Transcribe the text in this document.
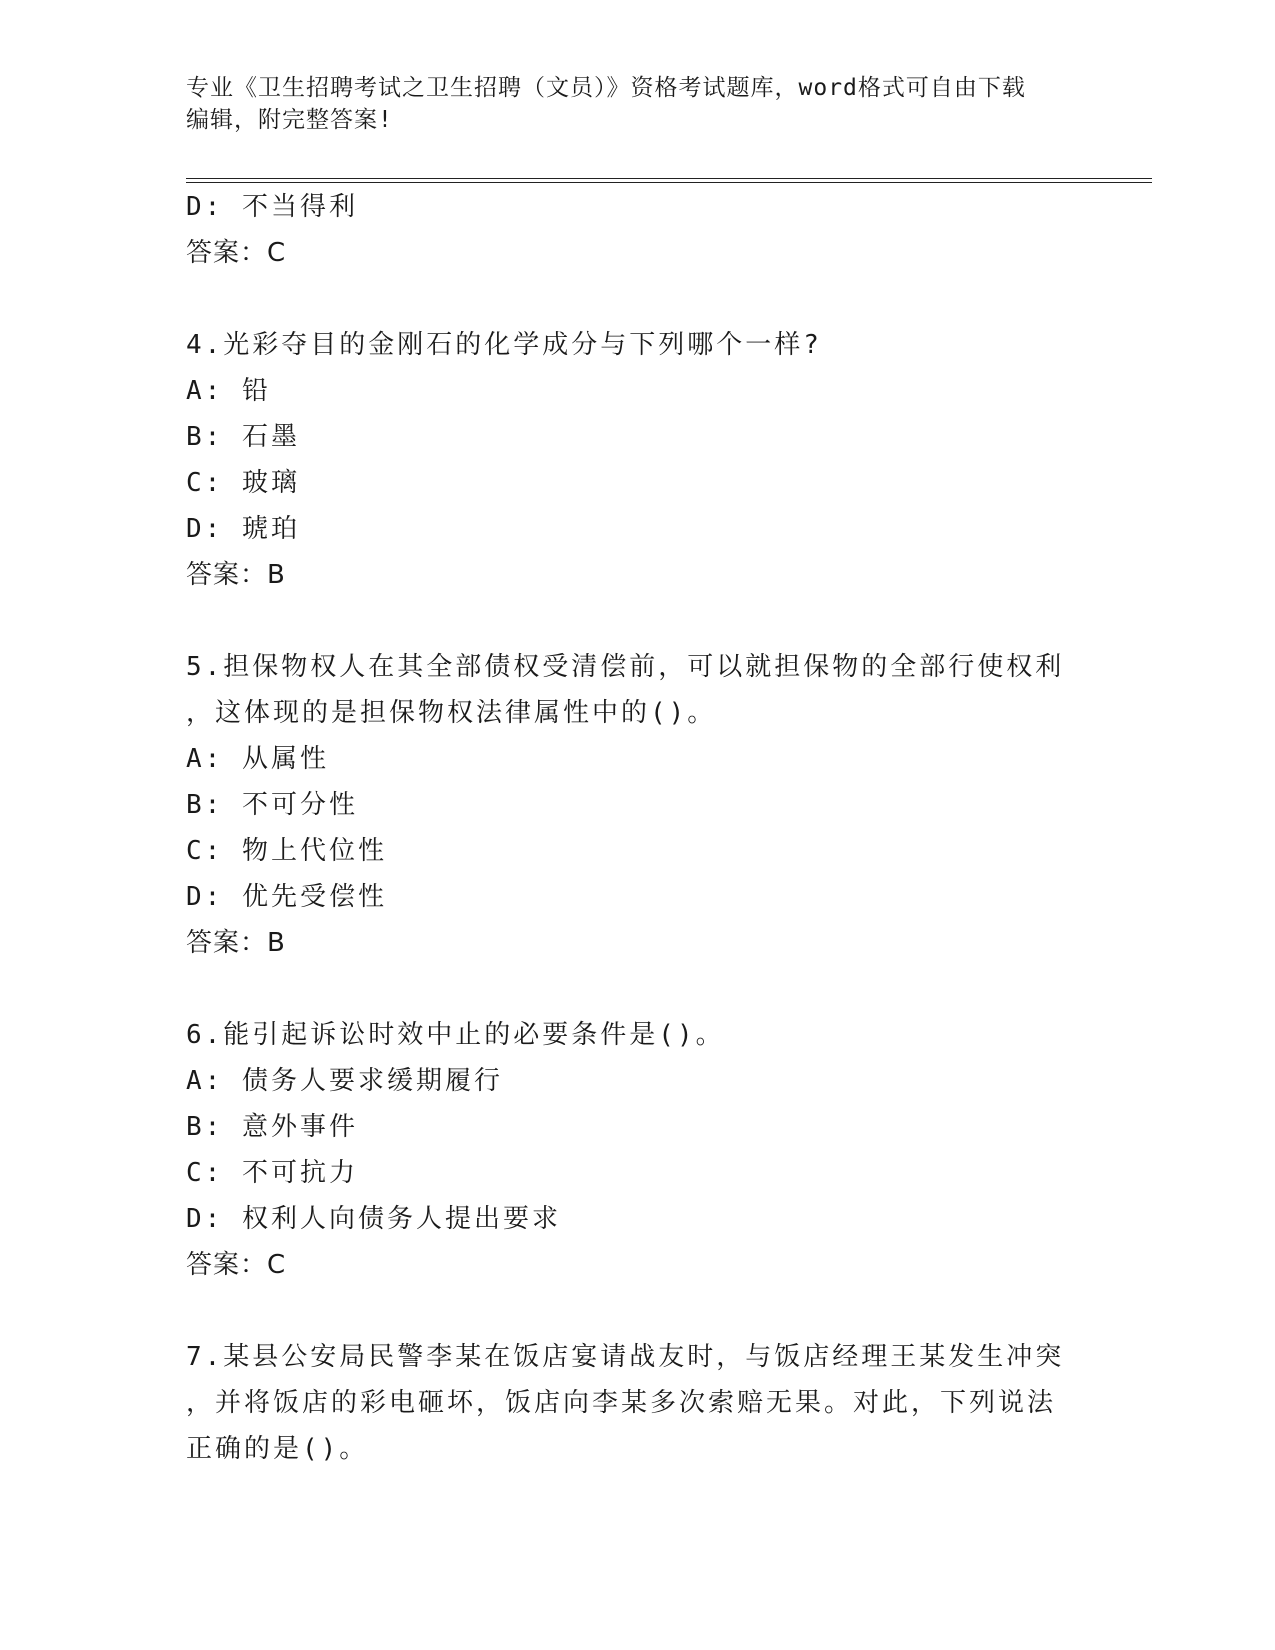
专业《卫生招聘考试之卫生招聘（文员）》资格考试题库，word格式可自由下载
编辑，附完整答案!
D: 不当得利
答案：C
4.光彩夺目的金刚石的化学成分与下列哪个一样?
A: 铅
B: 石墨
C: 玻璃
D: 琥珀
答案：B
5.担保物权人在其全部债权受清偿前，可以就担保物的全部行使权利
，这体现的是担保物权法律属性中的()。
A: 从属性
B: 不可分性
C: 物上代位性
D: 优先受偿性
答案：B
6.能引起诉讼时效中止的必要条件是()。
A: 债务人要求缓期履行
B: 意外事件
C: 不可抗力
D: 权利人向债务人提出要求
答案：C
7.某县公安局民警李某在饭店宴请战友时，与饭店经理王某发生冲突
，并将饭店的彩电砸坏，饭店向李某多次索赔无果。对此，下列说法
正确的是()。
